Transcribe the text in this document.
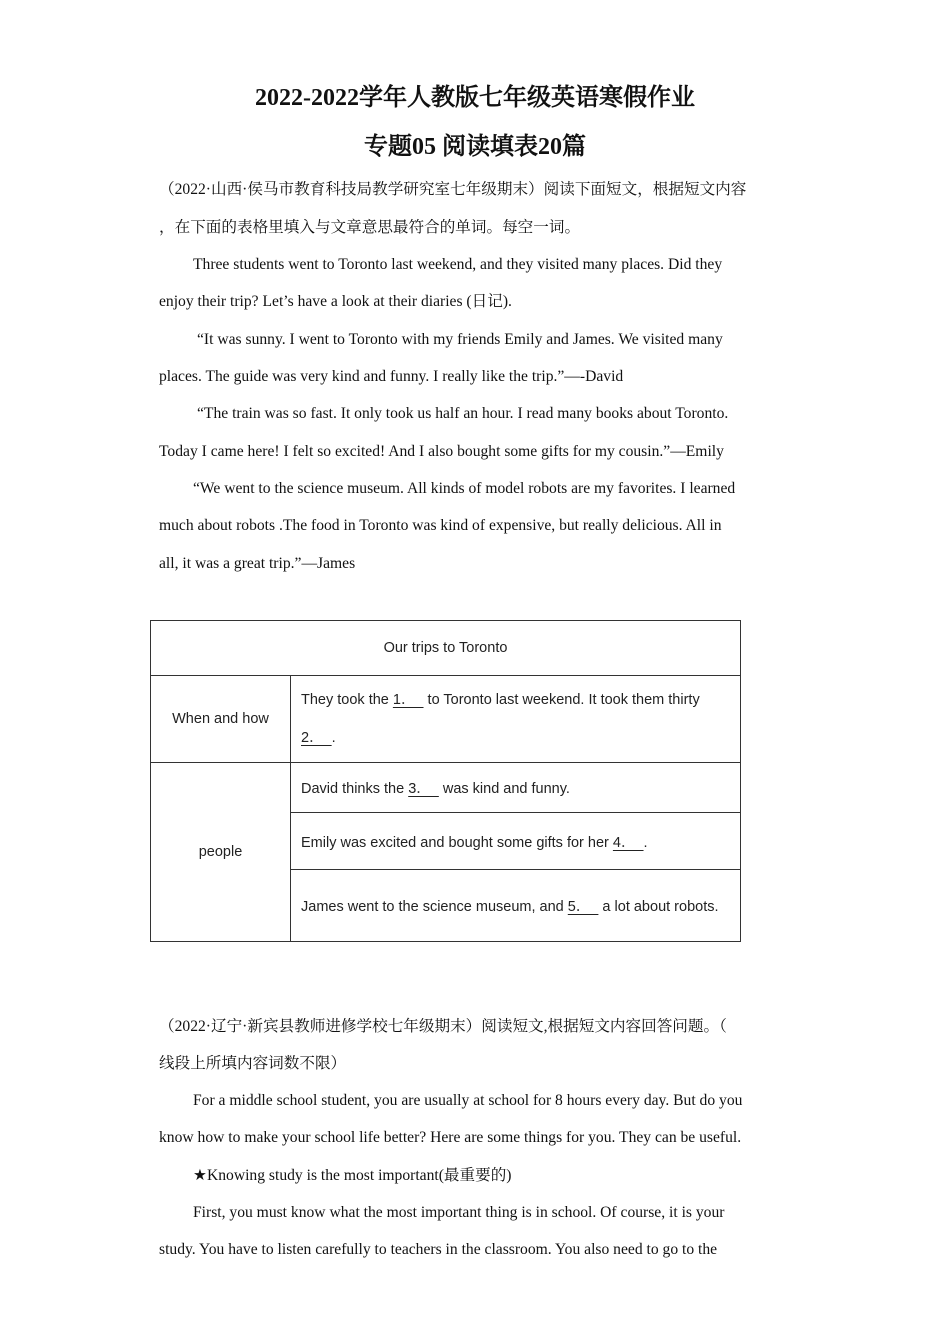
2022-2022学年人教版七年级英语寒假作业
专题05 阅读填表20篇
（2022·山西·侯马市教育科技局教学研究室七年级期末）阅读下面短文，根据短文内容
，在下面的表格里填入与文章意思最符合的单词。每空一词。
Three students went to Toronto last weekend, and they visited many places. Did they
enjoy their trip? Let’s have a look at their diaries (日记).
“It was sunny. I went to Toronto with my friends Emily and James. We visited many
places. The guide was very kind and funny. I really like the trip.”—-David
“The train was so fast. It only took us half an hour. I read many books about Toronto.
Today I came here! I felt so excited! And I also bought some gifts for my cousin.”—Emily
“We went to the science museum. All kinds of model robots are my favorites. I learned
much about robots .The food in Toronto was kind of expensive, but really delicious. All in
all, it was a great trip.”—James
Our trips to Toronto	
When and how	They took the 1．   to Toronto last weekend. It took them thirty
2．  .
people	David thinks the 3．   was kind and funny.
	Emily was excited and bought some gifts for her 4．  .
	James went to the science museum, and 5．   a lot about robots.
（2022·辽宁·新宾县教师进修学校七年级期末）阅读短文,根据短文内容回答问题。（
线段上所填内容词数不限）
For a middle school student, you are usually at school for 8 hours every day. But do you
know how to make your school life better? Here are some things for you. They can be useful.
★Knowing study is the most important(最重要的)
First, you must know what the most important thing is in school. Of course, it is your
study. You have to listen carefully to teachers in the classroom. You also need to go to the
